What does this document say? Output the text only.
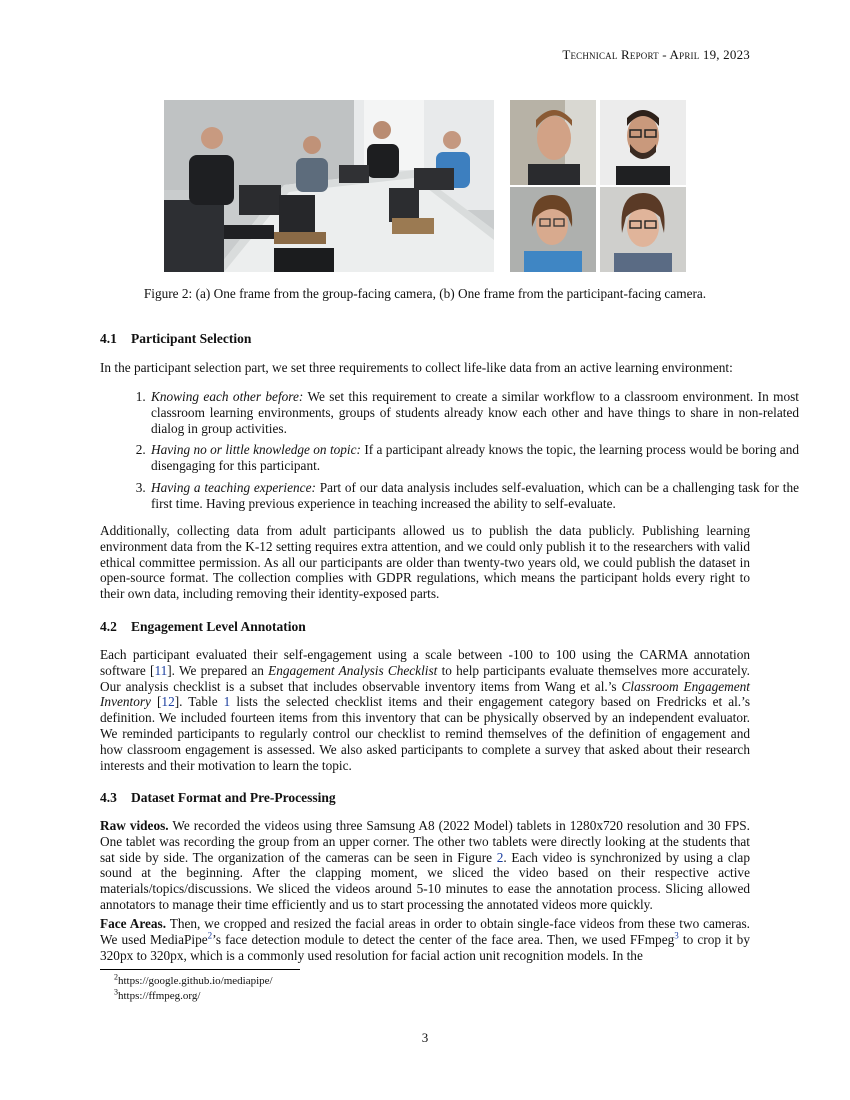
Technical Report - April 19, 2023
Figure 2: (a) One frame from the group-facing camera, (b) One frame from the participant-facing camera.
4.1 Participant Selection

In the participant selection part, we set three requirements to collect life-like data from an active learning environment:

1. Knowing each other before: We set this requirement to create a similar workflow to a classroom environment. In most classroom learning environments, groups of students already know each other and have things to share in non-related dialog in group activities.
2. Having no or little knowledge on topic: If a participant already knows the topic, the learning process would be boring and disengaging for this participant.
3. Having a teaching experience: Part of our data analysis includes self-evaluation, which can be a challenging task for the first time. Having previous experience in teaching increased the ability to self-evaluate.

Additionally, collecting data from adult participants allowed us to publish the data publicly. Publishing learning environment data from the K-12 setting requires extra attention, and we could only publish it to the researchers with valid ethical committee permission. As all our participants are older than twenty-two years old, we could publish the dataset in open-source format. The collection complies with GDPR regulations, which means the participant holds every right to their own data, including removing their identity-exposed parts.

4.2 Engagement Level Annotation

Each participant evaluated their self-engagement using a scale between -100 to 100 using the CARMA annotation software [11]. We prepared an Engagement Analysis Checklist to help participants evaluate themselves more accurately. Our analysis checklist is a subset that includes observable inventory items from Wang et al.’s Classroom Engagement Inventory [12]. Table 1 lists the selected checklist items and their engagement category based on Fredricks et al.’s definition. We included fourteen items from this inventory that can be physically observed by an independent evaluator. We reminded participants to regularly control our checklist to remind themselves of the definition of engagement and how classroom engagement is assessed. We also asked participants to complete a survey that asked about their research interests and their motivation to learn the topic.

4.3 Dataset Format and Pre-Processing

Raw videos. We recorded the videos using three Samsung A8 (2022 Model) tablets in 1280x720 resolution and 30 FPS. One tablet was recording the group from an upper corner. The other two tablets were directly looking at the students that sat side by side. The organization of the cameras can be seen in Figure 2. Each video is synchronized by using a clap sound at the beginning. After the clapping moment, we sliced the video based on their respective active materials/topics/discussions. We sliced the videos around 5-10 minutes to ease the annotation process. Slicing allowed annotators to manage their time efficiently and us to start processing the annotated videos more quickly.

Face Areas. Then, we cropped and resized the facial areas in order to obtain single-face videos from these two cameras. We used MediaPipe$^2$’s face detection module to detect the center of the face area. Then, we used FFmpeg$^3$ to crop it by 320px to 320px, which is a commonly used resolution for facial action unit recognition models. In the

$^2$https://google.github.io/mediapipe/
$^3$https://ffmpeg.org/
3
